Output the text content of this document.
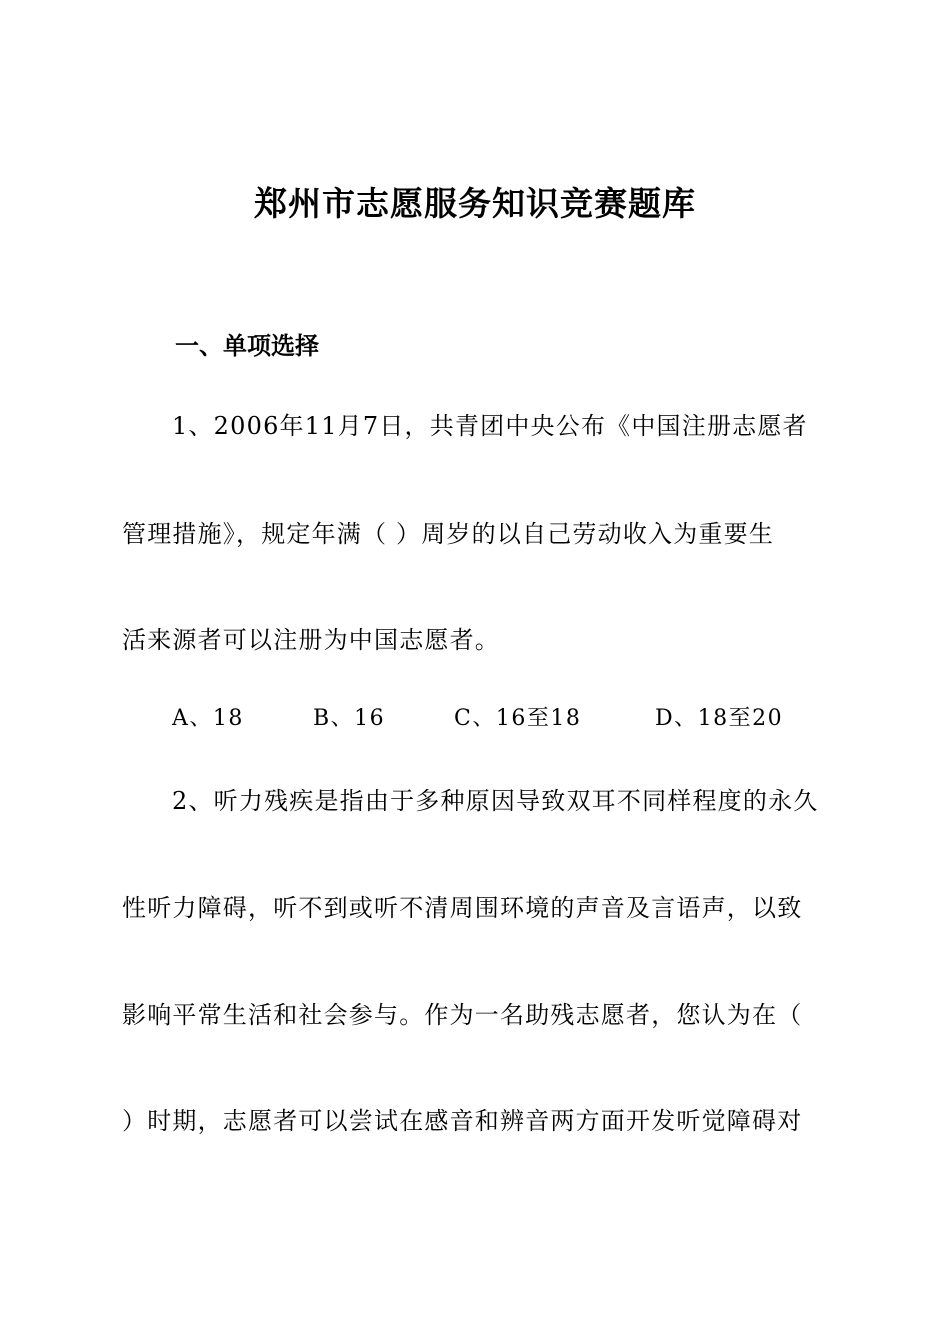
郑州市志愿服务知识竞赛题库
一、单项选择
1、2006年11月7日，共青团中央公布《中国注册志愿者
管理措施》，规定年满（ ）周岁的以自己劳动收入为重要生
活来源者可以注册为中国志愿者。
A、18	B、16	C、16至18	D、18至20
2、听力残疾是指由于多种原因导致双耳不同样程度的永久
性听力障碍，听不到或听不清周围环境的声音及言语声，以致
影响平常生活和社会参与。作为一名助残志愿者，您认为在（
）时期，志愿者可以尝试在感音和辨音两方面开发听觉障碍对
